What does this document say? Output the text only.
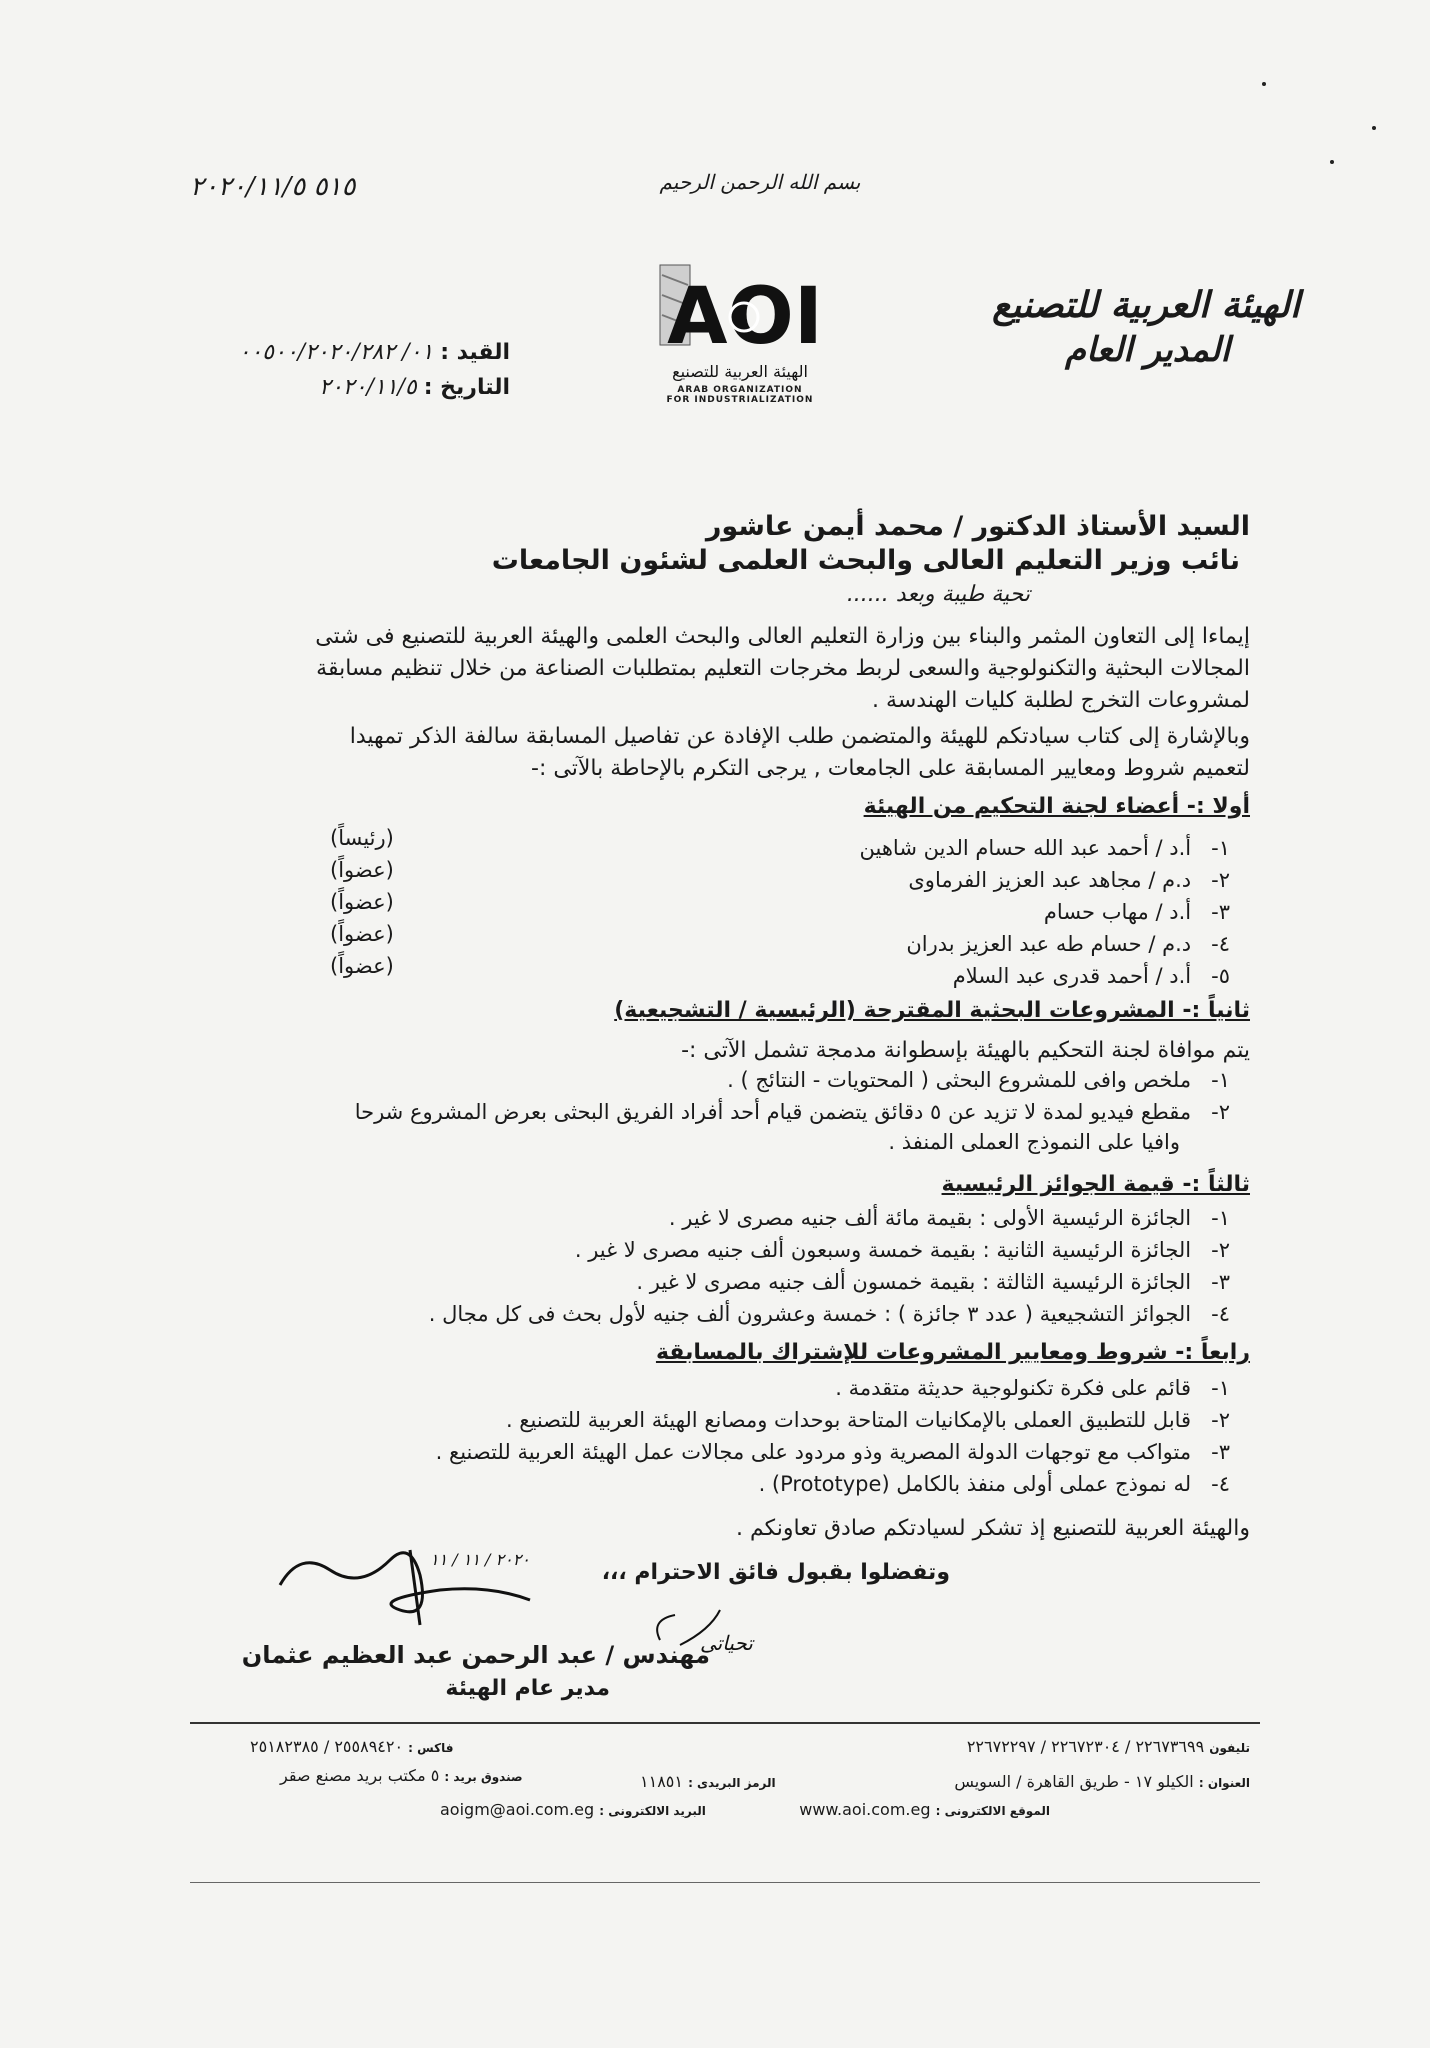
بسم الله الرحمن الرحيم
٥١٥ ٢٠٢٠/١١/٥
الهيئة العربية للتصنيع
المدير العام
AOI
الهيئة العربية للتصنيع
ARAB ORGANIZATION
FOR INDUSTRIALIZATION
القيد : ٠١/ ٠٠٥٠٠/٢٠٢٠/٢٨٢
التاريخ : ٢٠٢٠/١١/٥
السيد الأستاذ الدكتور / محمد أيمن عاشور
نائب وزير التعليم العالى والبحث العلمى لشئون الجامعات
تحية طيبة وبعد ......
إيماءا إلى التعاون المثمر والبناء بين وزارة التعليم العالى والبحث العلمى والهيئة العربية للتصنيع فى شتى
المجالات البحثية والتكنولوجية والسعى لربط مخرجات التعليم بمتطلبات الصناعة من خلال تنظيم مسابقة
لمشروعات التخرج لطلبة كليات الهندسة .
وبالإشارة إلى كتاب سيادتكم للهيئة والمتضمن طلب الإفادة عن تفاصيل المسابقة سالفة الذكر تمهيدا
لتعميم شروط ومعايير المسابقة على الجامعات , يرجى التكرم بالإحاطة بالآتى :-
أولا :- أعضاء لجنة التحكيم من الهيئة
١-   أ.د / أحمد عبد الله حسام الدين شاهين
(رئيساً)
٢-   د.م / مجاهد عبد العزيز الفرماوى
(عضواً)
٣-   أ.د / مهاب حسام
(عضواً)
٤-   د.م / حسام طه عبد العزيز بدران
(عضواً)
٥-   أ.د / أحمد قدرى عبد السلام
(عضواً)
ثانياً :- المشروعات البحثية المقترحة (الرئيسية / التشجيعية)
يتم موافاة لجنة التحكيم بالهيئة بإسطوانة مدمجة تشمل الآتى :-
١-   ملخص وافى للمشروع البحثى ( المحتويات - النتائج ) .
٢-   مقطع فيديو لمدة لا تزيد عن ٥ دقائق يتضمن قيام أحد أفراد الفريق البحثى بعرض المشروع شرحا
وافيا على النموذج العملى المنفذ .
ثالثاً :- قيمة الجوائز الرئيسية
١-   الجائزة الرئيسية الأولى : بقيمة مائة ألف جنيه مصرى لا غير .
٢-   الجائزة الرئيسية الثانية : بقيمة خمسة وسبعون ألف جنيه مصرى لا غير .
٣-   الجائزة الرئيسية الثالثة : بقيمة خمسون ألف جنيه مصرى لا غير .
٤-   الجوائز التشجيعية ( عدد ٣ جائزة ) : خمسة وعشرون ألف جنيه لأول بحث فى كل مجال .
رابعاً :- شروط ومعايير المشروعات للإشتراك بالمسابقة
١-   قائم على فكرة تكنولوجية حديثة متقدمة .
٢-   قابل للتطبيق العملى بالإمكانيات المتاحة بوحدات ومصانع الهيئة العربية للتصنيع .
٣-   متواكب مع توجهات الدولة المصرية وذو مردود على مجالات عمل الهيئة العربية للتصنيع .
٤-   له نموذج عملى أولى منفذ بالكامل (Prototype) .
والهيئة العربية للتصنيع إذ تشكر لسيادتكم صادق تعاونكم .
وتفضلوا بقبول فائق الاحترام ،،،
٢٠٢٠ / ١١ / ١١
تحياتى
مهندس / عبد الرحمن عبد العظيم عثمان
مدير عام الهيئة
تليفون ٢٢٦٧٣٦٩٩ / ٢٢٦٧٢٣٠٤ / ٢٢٦٧٢٢٩٧
فاكس : ٢٥٥٨٩٤٢٠ / ٢٥١٨٢٣٨٥
العنوان : الكيلو ١٧ - طريق القاهرة / السويس
الرمز البريدى : ١١٨٥١
صندوق بريد : ٥ مكتب بريد مصنع صقر
الموقع الالكترونى : www.aoi.com.eg
البريد الالكترونى : aoigm@aoi.com.eg
